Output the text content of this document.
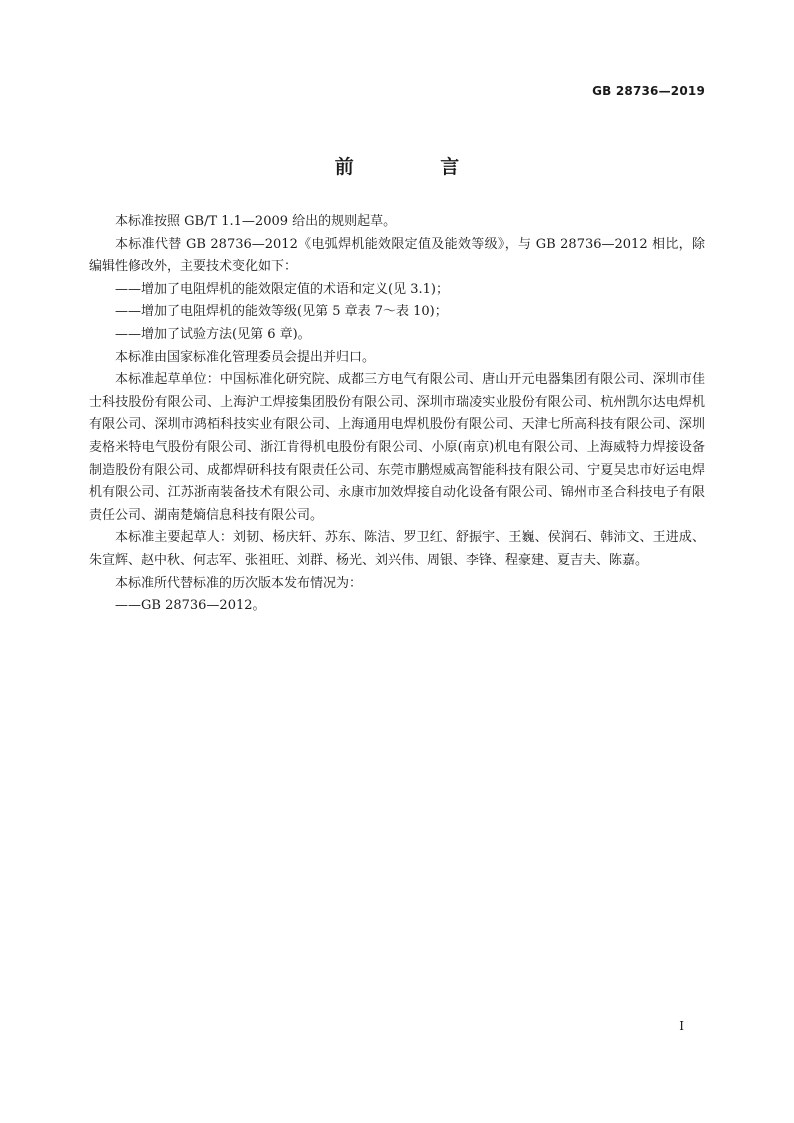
GB 28736—2019
前 言

本标准按照 GB/T 1.1—2009 给出的规则起草。

本标准代替 GB 28736—2012《电弧焊机能效限定值及能效等级》，与 GB 28736—2012 相比，除编辑性修改外，主要技术变化如下：

——增加了电阻焊机的能效限定值的术语和定义(见 3.1)；

——增加了电阻焊机的能效等级(见第 5 章表 7～表 10)；

——增加了试验方法(见第 6 章)。

本标准由国家标准化管理委员会提出并归口。

本标准起草单位：中国标准化研究院、成都三方电气有限公司、唐山开元电器集团有限公司、深圳市佳士科技股份有限公司、上海沪工焊接集团股份有限公司、深圳市瑞凌实业股份有限公司、杭州凯尔达电焊机有限公司、深圳市鸿栢科技实业有限公司、上海通用电焊机股份有限公司、天津七所高科技有限公司、深圳麦格米特电气股份有限公司、浙江肯得机电股份有限公司、小原(南京)机电有限公司、上海威特力焊接设备制造股份有限公司、成都焊研科技有限责任公司、东莞市鹏煜威高智能科技有限公司、宁夏吴忠市好运电焊机有限公司、江苏浙南装备技术有限公司、永康市加效焊接自动化设备有限公司、锦州市圣合科技电子有限责任公司、湖南楚熵信息科技有限公司。

本标准主要起草人：刘韧、杨庆轩、苏东、陈洁、罗卫红、舒振宇、王巍、侯润石、韩沛文、王进成、朱宣辉、赵中秋、何志军、张祖旺、刘群、杨光、刘兴伟、周银、李锋、程豪建、夏吉夫、陈嘉。

本标准所代替标准的历次版本发布情况为：

——GB 28736—2012。

I
